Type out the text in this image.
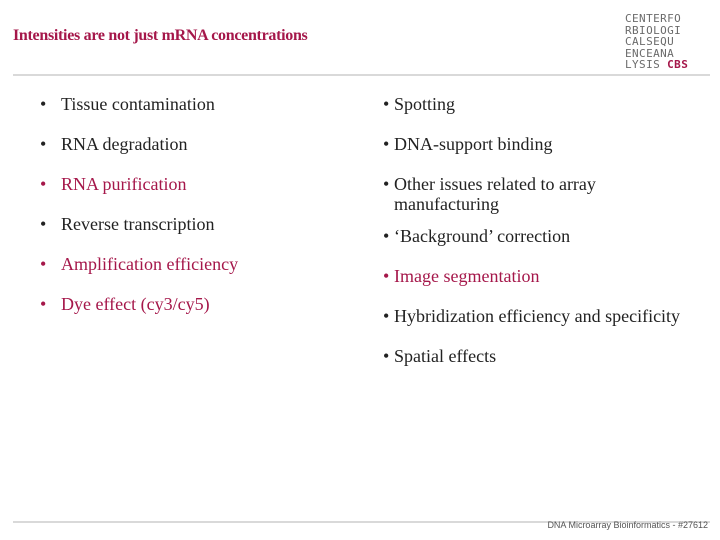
Intensities are not just mRNA concentrations
CENTERFO
RBIOLOGI
CALSEQU
ENCEANA
LYSIS CBS
• Tissue contamination
• RNA degradation
• RNA purification
• Reverse transcription
• Amplification efficiency
• Dye effect (cy3/cy5)
• Spotting
• DNA-support binding
• Other issues related to array
manufacturing
• ‘Background’ correction
• Image segmentation
• Hybridization efficiency and specificity
• Spatial effects
DNA Microarray Bioinformatics - #27612
